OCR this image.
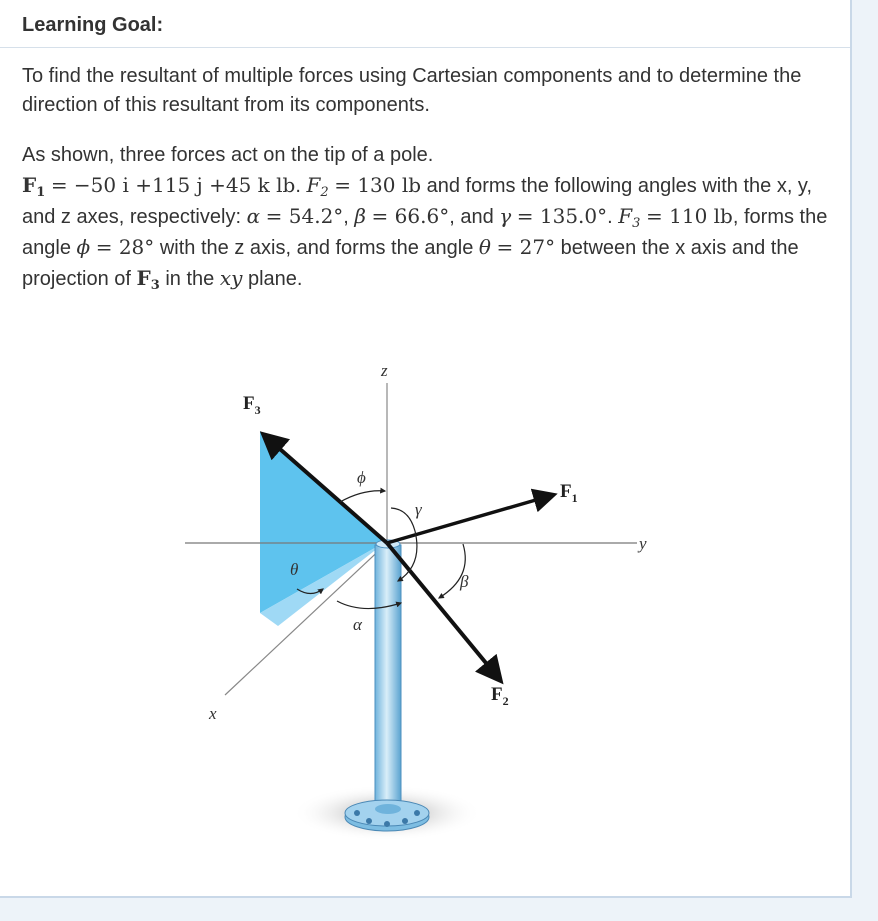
Learning Goal:

To find the resultant of multiple forces using Cartesian components and to determine the direction of this resultant from its components.

As shown, three forces act on the tip of a pole.
$F_1 = -50$ i +115 j +45 k lb. $F_2 = 130$ lb and forms the following angles with the x, y, and z axes, respectively: α = 54.2°, β = 66.6°, and γ = 135.0°. $F_3 = 110$ lb, forms the angle ϕ = 28° with the z axis, and forms the angle θ = 27° between the x axis and the projection of $F_3$ in the xy plane.

z
y
x
$F_3$
$F_1$
$F_2$
ϕ
γ
β
θ
α
